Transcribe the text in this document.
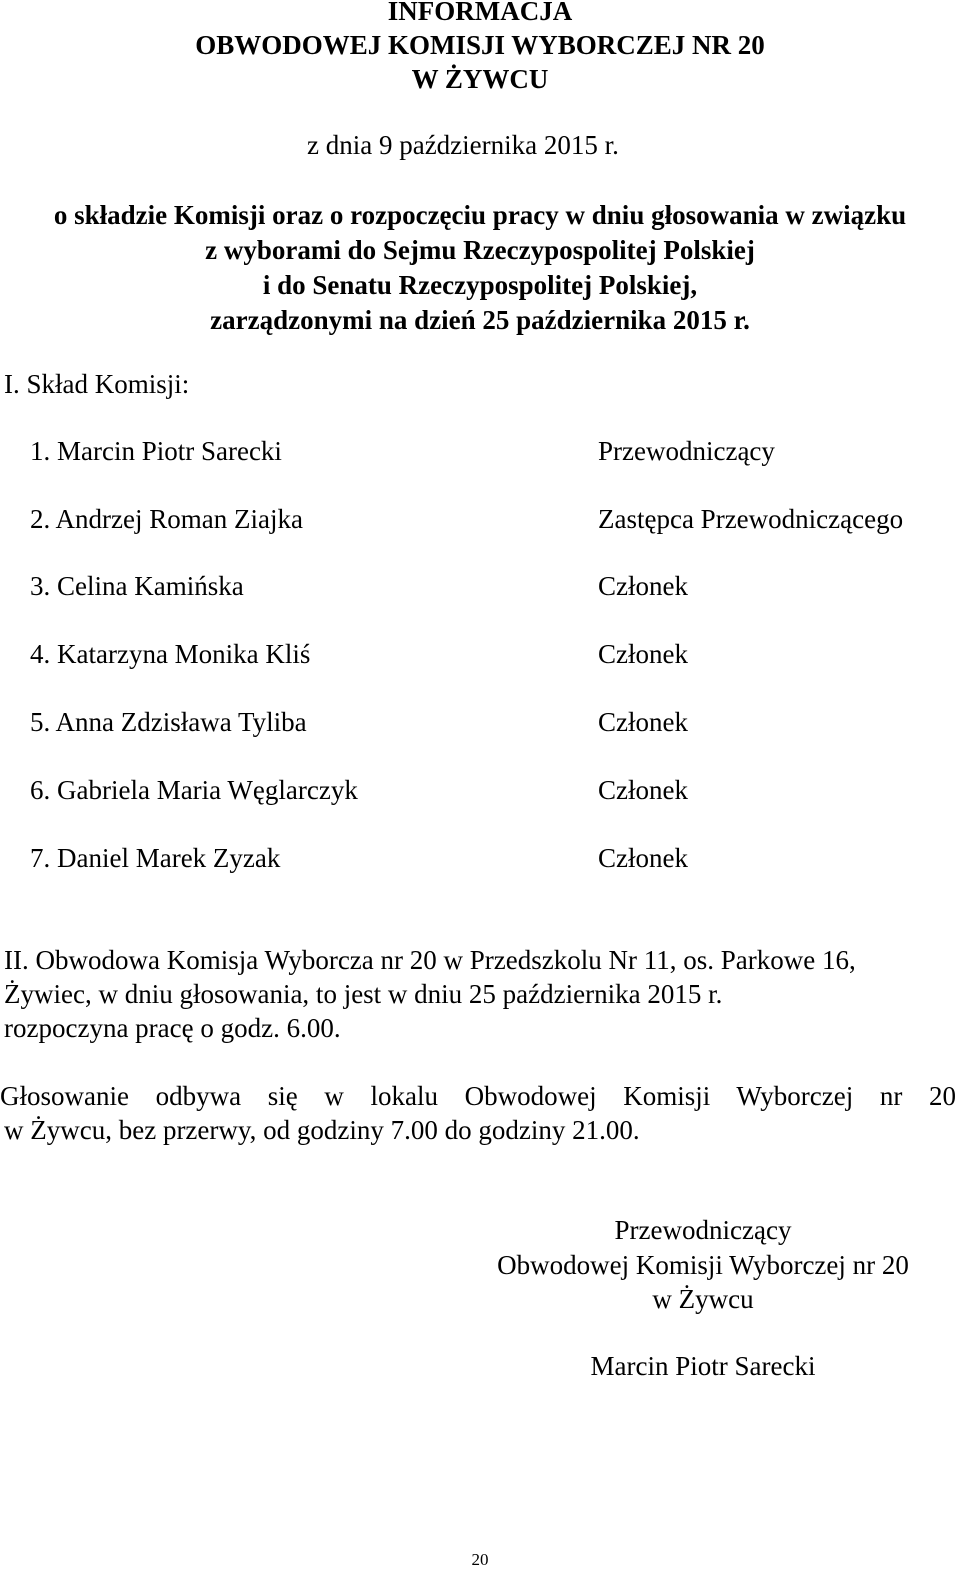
INFORMACJA
OBWODOWEJ KOMISJI WYBORCZEJ NR 20
W ŻYWCU
z dnia 9 października 2015 r.
o składzie Komisji oraz o rozpoczęciu pracy w dniu głosowania w związku
z wyborami do Sejmu Rzeczypospolitej Polskiej
i do Senatu Rzeczypospolitej Polskiej,
zarządzonymi na dzień 25 października 2015 r.
I. Skład Komisji:
1. Marcin Piotr Sarecki	Przewodniczący
2. Andrzej Roman Ziajka	Zastępca Przewodniczącego
3. Celina Kamińska	Członek
4. Katarzyna Monika Kliś	Członek
5. Anna Zdzisława Tyliba	Członek
6. Gabriela Maria Węglarczyk	Członek
7. Daniel Marek Zyzak	Członek
II. Obwodowa Komisja Wyborcza nr 20 w Przedszkolu Nr 11, os. Parkowe 16,
Żywiec, w dniu głosowania, to jest w dniu 25 października 2015 r.
rozpoczyna pracę o godz. 6.00.
Głosowanie odbywa się w lokalu Obwodowej Komisji Wyborczej nr 20
w Żywcu, bez przerwy, od godziny 7.00 do godziny 21.00.
Przewodniczący
Obwodowej Komisji Wyborczej nr 20
w Żywcu
Marcin Piotr Sarecki
20
